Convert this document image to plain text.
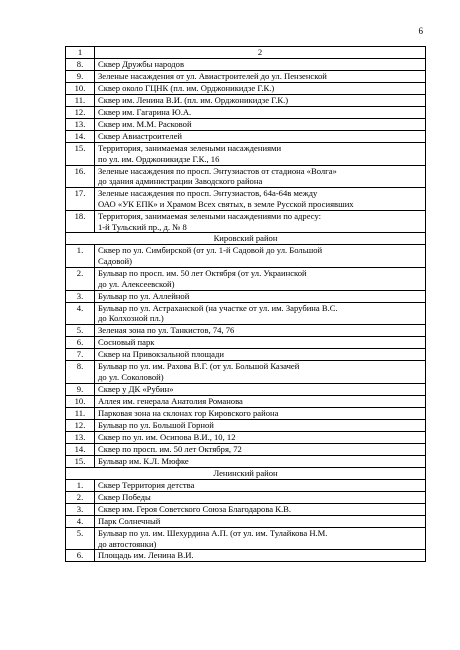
6
1	2
8.	Сквер Дружбы народов
9.	Зеленые насаждения от ул. Авиастроителей до ул. Пензенской
10.	Сквер около ГЦНК (пл. им. Орджоникидзе Г.К.)
11.	Сквер им. Ленина В.И. (пл. им. Орджоникидзе Г.К.)
12.	Сквер им. Гагарина Ю.А.
13.	Сквер им. М.М. Расковой
14.	Сквер Авиастроителей
15.	Территория, занимаемая зелеными насаждениями
по ул. им. Орджоникидзе Г.К., 16
16.	Зеленые насаждения по просп. Энтузиастов от стадиона «Волга»
до здания администрации Заводского района
17.	Зеленые насаждения по просп. Энтузиастов, 64а-64в между
ОАО «УК ЕПК» и Храмом Всех святых, в земле Русской просиявших
18.	Территория, занимаемая зелеными насаждениями по адресу:
1-й Тульский пр., д. № 8
Кировский район	
1.	Сквер по ул. Симбирской (от ул. 1-й Садовой до ул. Большой
Садовой)
2.	Бульвар по просп. им. 50 лет Октября (от ул. Украинской
до ул. Алексеевской)
3.	Бульвар по ул. Аллейной
4.	Бульвар по ул. Астраханской (на участке от ул. им. Зарубина В.С.
до Колхозной пл.)
5.	Зеленая зона по ул. Танкистов, 74, 76
6.	Сосновый парк
7.	Сквер на Привокзальной площади
8.	Бульвар по ул. им. Рахова В.Г. (от ул. Большой Казачей
до ул. Соколовой)
9.	Сквер у ДК «Рубин»
10.	Аллея им. генерала Анатолия Романова
11.	Парковая зона на склонах гор Кировского района
12.	Бульвар по ул. Большой Горной
13.	Сквер по ул. им. Осипова В.И., 10, 12
14.	Сквер по просп. им. 50 лет Октября, 72
15.	Бульвар им. К.Л. Мюфке
Ленинский район	
1.	Сквер Территория детства
2.	Сквер Победы
3.	Сквер им. Героя Советского Союза Благодарова К.В.
4.	Парк Солнечный
5.	Бульвар по ул. им. Шехурдина А.П. (от ул. им. Тулайкова Н.М.
до автостоянки)
6.	Площадь им. Ленина В.И.
